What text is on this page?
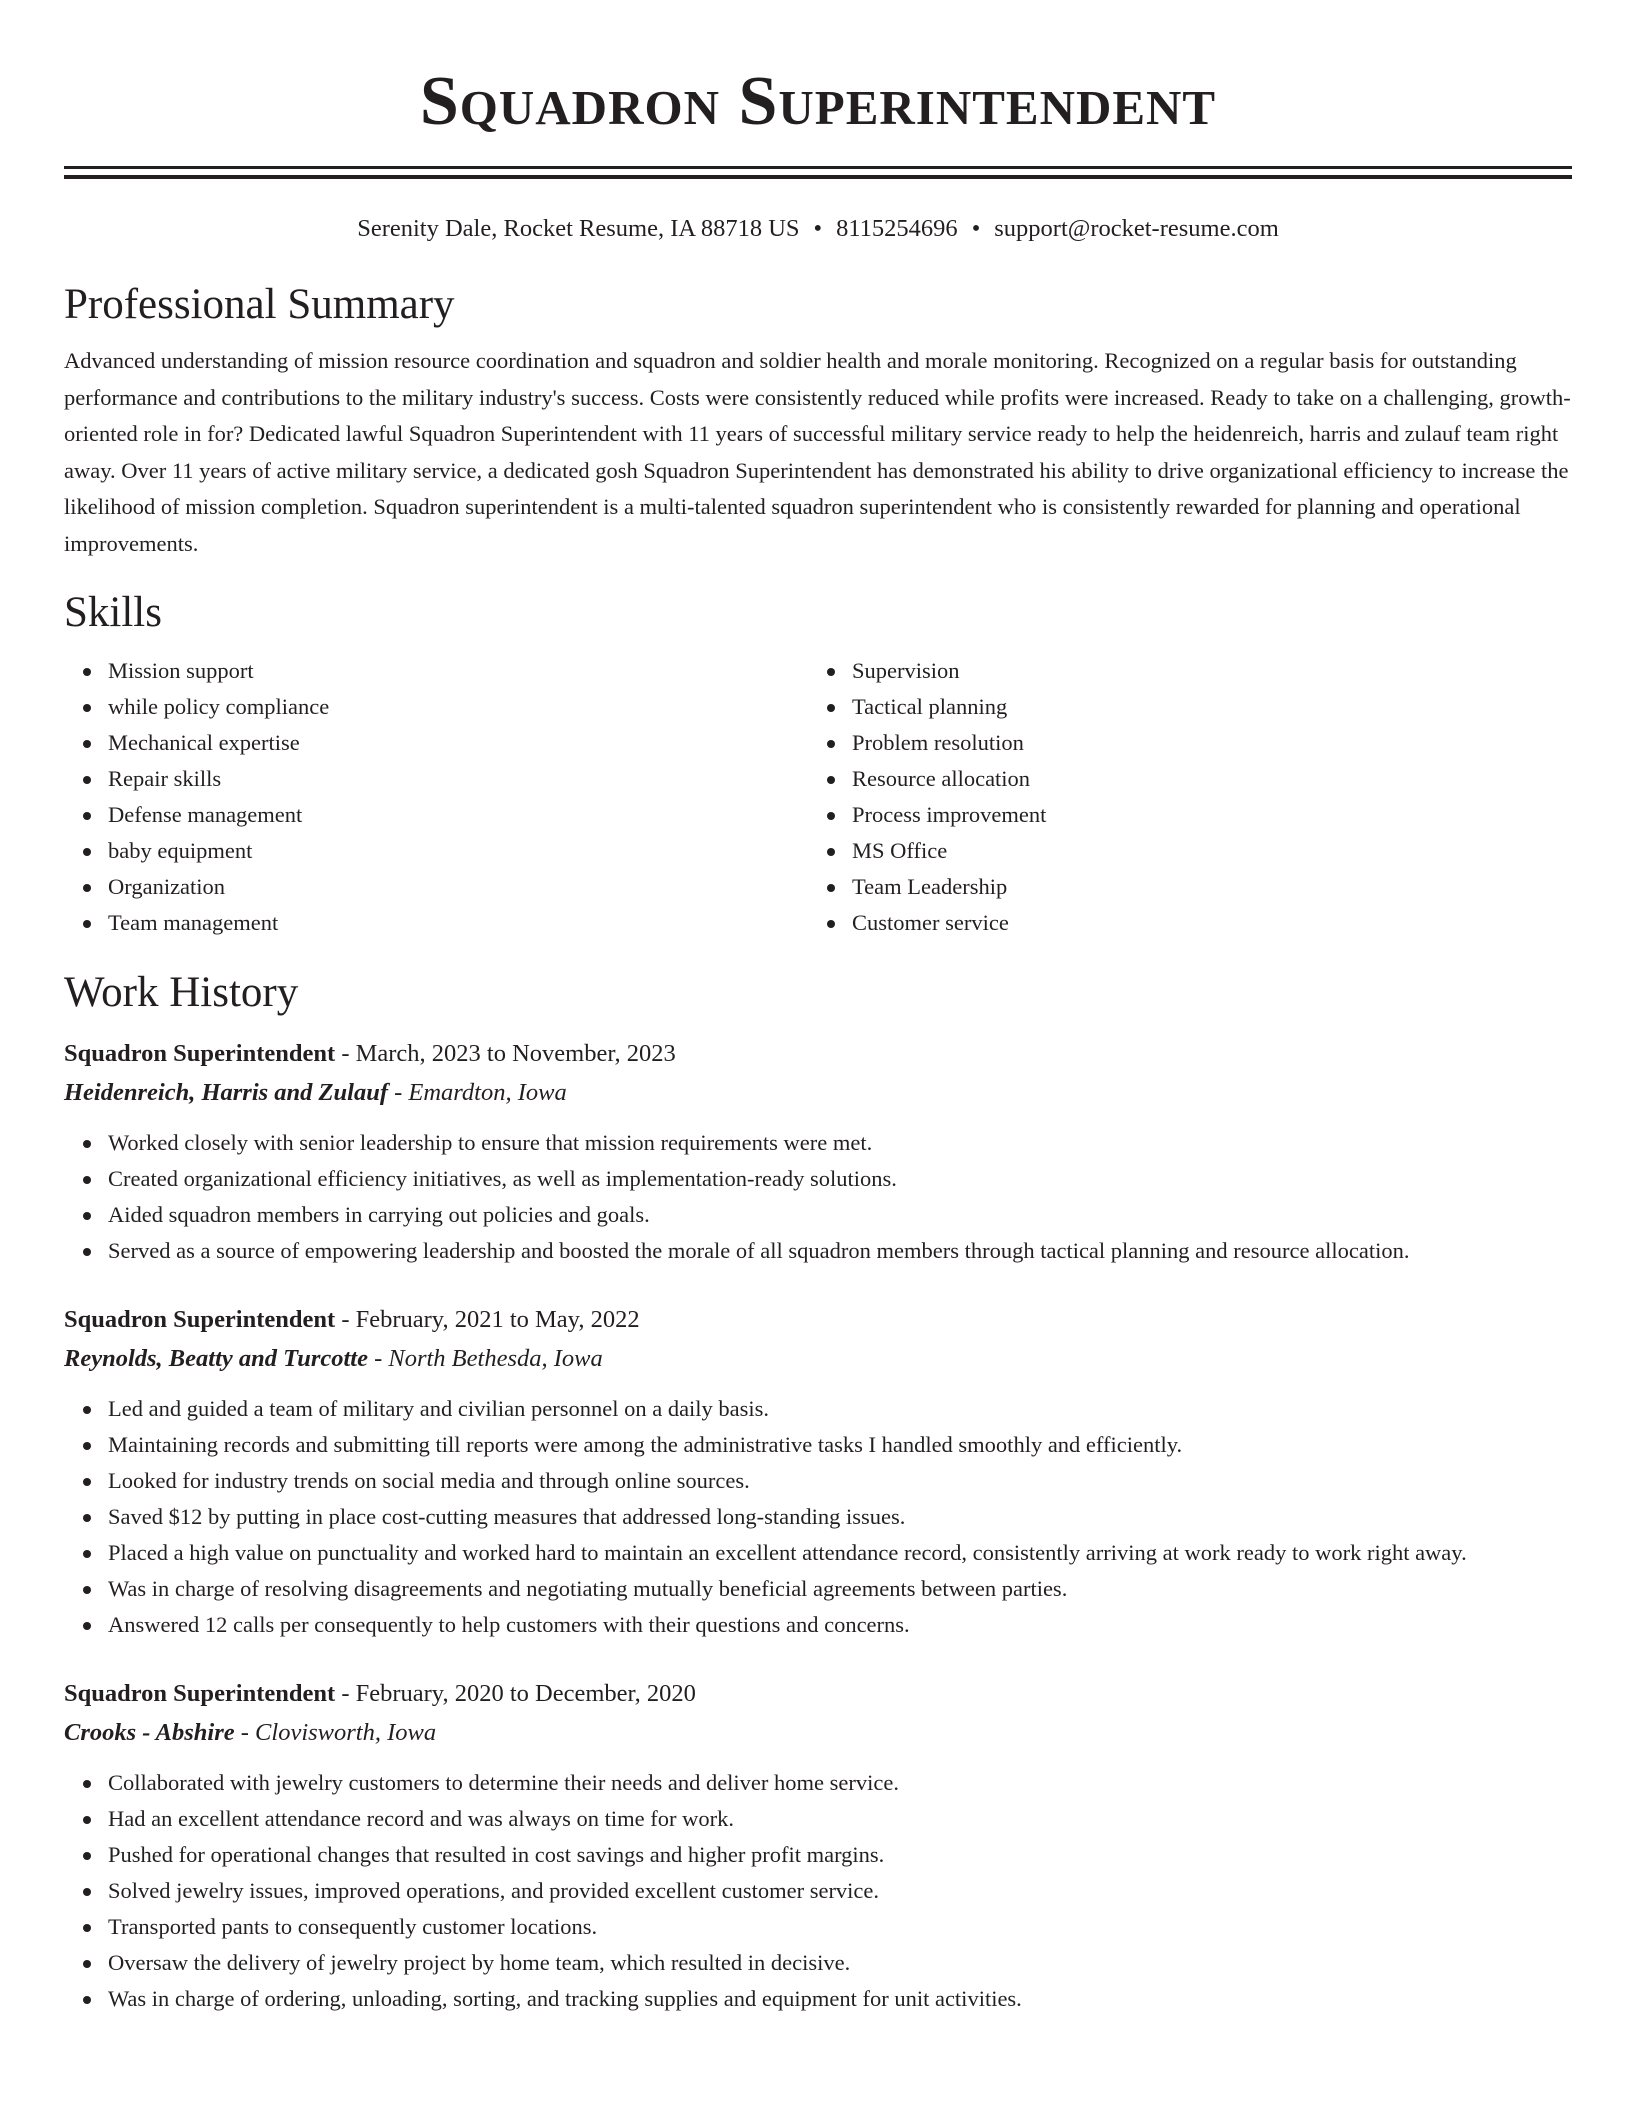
Squadron Superintendent
Serenity Dale, Rocket Resume, IA 88718 US • 8115254696 • support@rocket-resume.com
Professional Summary

Advanced understanding of mission resource coordination and squadron and soldier health and morale monitoring. Recognized on a regular basis for outstanding performance and contributions to the military industry's success. Costs were consistently reduced while profits were increased. Ready to take on a challenging, growth-oriented role in for? Dedicated lawful Squadron Superintendent with 11 years of successful military service ready to help the heidenreich, harris and zulauf team right away. Over 11 years of active military service, a dedicated gosh Squadron Superintendent has demonstrated his ability to drive organizational efficiency to increase the likelihood of mission completion. Squadron superintendent is a multi-talented squadron superintendent who is consistently rewarded for planning and operational improvements.

Skills
Mission support
while policy compliance
Mechanical expertise
Repair skills
Defense management
baby equipment
Organization
Team management
Supervision
Tactical planning
Problem resolution
Resource allocation
Process improvement
MS Office
Team Leadership
Customer service
Work History
Squadron Superintendent - March, 2023 to November, 2023
Heidenreich, Harris and Zulauf - Emardton, Iowa
Worked closely with senior leadership to ensure that mission requirements were met.
Created organizational efficiency initiatives, as well as implementation-ready solutions.
Aided squadron members in carrying out policies and goals.
Served as a source of empowering leadership and boosted the morale of all squadron members through tactical planning and resource allocation.
Squadron Superintendent - February, 2021 to May, 2022
Reynolds, Beatty and Turcotte - North Bethesda, Iowa
Led and guided a team of military and civilian personnel on a daily basis.
Maintaining records and submitting till reports were among the administrative tasks I handled smoothly and efficiently.
Looked for industry trends on social media and through online sources.
Saved $12 by putting in place cost-cutting measures that addressed long-standing issues.
Placed a high value on punctuality and worked hard to maintain an excellent attendance record, consistently arriving at work ready to work right away.
Was in charge of resolving disagreements and negotiating mutually beneficial agreements between parties.
Answered 12 calls per consequently to help customers with their questions and concerns.
Squadron Superintendent - February, 2020 to December, 2020
Crooks - Abshire - Clovisworth, Iowa
Collaborated with jewelry customers to determine their needs and deliver home service.
Had an excellent attendance record and was always on time for work.
Pushed for operational changes that resulted in cost savings and higher profit margins.
Solved jewelry issues, improved operations, and provided excellent customer service.
Transported pants to consequently customer locations.
Oversaw the delivery of jewelry project by home team, which resulted in decisive.
Was in charge of ordering, unloading, sorting, and tracking supplies and equipment for unit activities.
